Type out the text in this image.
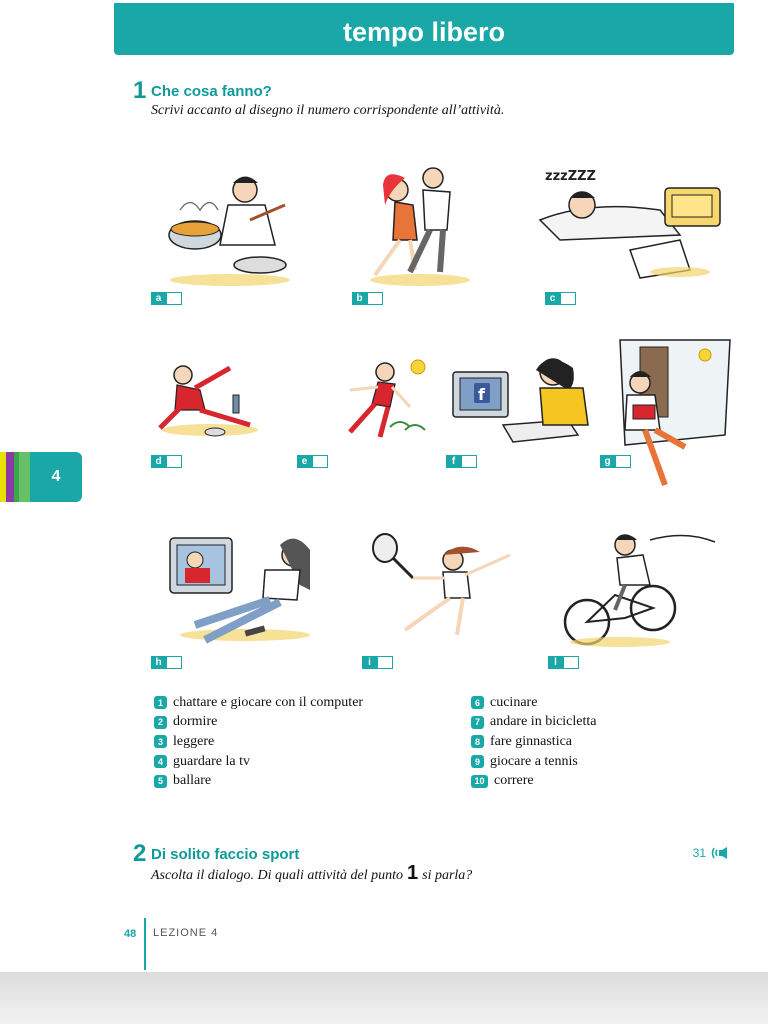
tempo libero
1 Che cosa fanno?
Scrivi accanto al disegno il numero corrispondente all’attività.
zzzZZZ
f
a	b	c
d	e	f	g
h	i	l
1 chattare e giocare con il computer
2 dormire
3 leggere
4 guardare la tv
5 ballare
6 cucinare
7 andare in bicicletta
8 fare ginnastica
9 giocare a tennis
10 correre
2 Di solito faccio sport
Ascolta il dialogo. Di quali attività del punto 1 si parla?
31
4
48 LEZIONE 4
